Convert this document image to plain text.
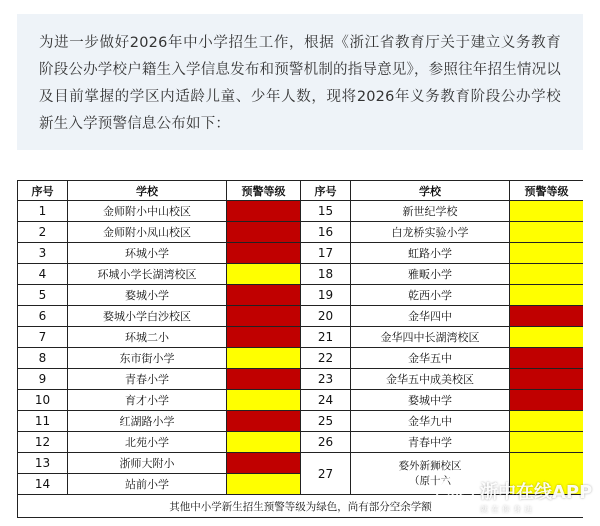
为进一步做好2026年中小学招生工作，根据《浙江省教育厅关于建立义务教育阶段公办学校户籍生入学信息发布和预警机制的指导意见》，参照往年招生情况以及目前掌握的学区内适龄儿童、少年人数，现将2026年义务教育阶段公办学校新生入学预警信息公布如下：
序号	学校	预警等级	序号	学校	预警等级
1	金师附小中山校区		15	新世纪学校	
2	金师附小凤山校区		16	白龙桥实验小学	
3	环城小学		17	虹路小学	
4	环城小学长湖湾校区		18	雅畈小学	
5	婺城小学		19	乾西小学	
6	婺城小学白沙校区		20	金华四中	
7	环城二小		21	金华四中长湖湾校区	
8	东市街小学		22	金华五中	
9	青春小学		23	金华五中成美校区	
10	育才小学		24	婺城中学	
11	红湖路小学		25	金华九中	
12	北苑小学		26	青春中学	
13	浙师大附小		27	婺外新狮校区
（原十六	

14	站前小学				
其他中小学新生招生预警等级为绿色，尚有部分空余学额					
金华 浙中在线APP
就在你身边
